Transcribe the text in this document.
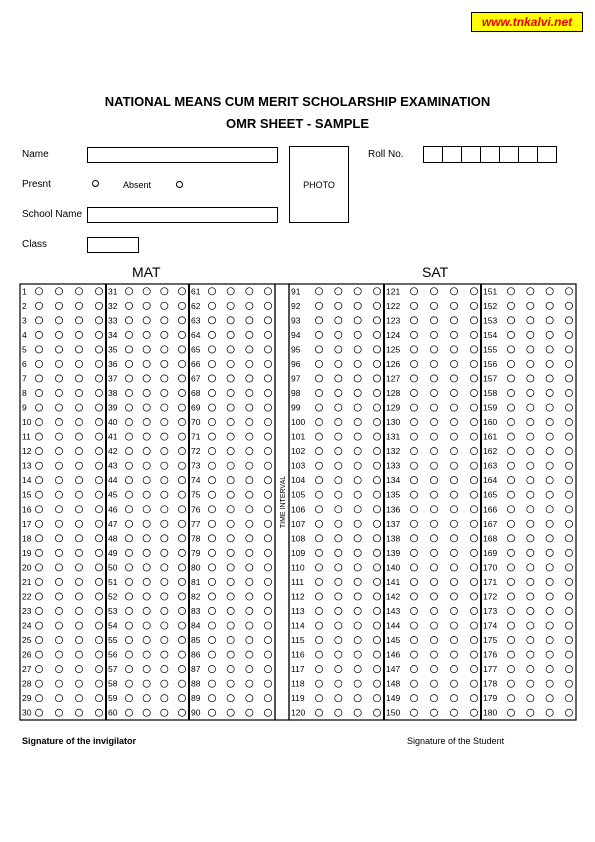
www.tnkalvi.net
NATIONAL MEANS CUM MERIT SCHOLARSHIP EXAMINATION
OMR SHEET - SAMPLE
Name
PHOTO
Roll No.
Presnt	Absent
School Name
Class
MAT	SAT
TIME INTERVAL
1
2
3
4
5
6
7
8
9
10
11
12
13
14
15
16
17
18
19
20
21
22
23
24
25
26
27
28
29
30
31
32
33
34
35
36
37
38
39
40
41
42
43
44
45
46
47
48
49
50
51
52
53
54
55
56
57
58
59
60
61
62
63
64
65
66
67
68
69
70
71
72
73
74
75
76
77
78
79
80
81
82
83
84
85
86
87
88
89
90
91
92
93
94
95
96
97
98
99
100
101
102
103
104
105
106
107
108
109
110
111
112
113
114
115
116
117
118
119
120
121
122
123
124
125
126
127
128
129
130
131
132
133
134
135
136
137
138
139
140
141
142
143
144
145
146
147
148
149
150
151
152
153
154
155
156
157
158
159
160
161
162
163
164
165
166
167
168
169
170
171
172
173
174
175
176
177
178
179
180
Signature of the invigilator	Signature of the Student
